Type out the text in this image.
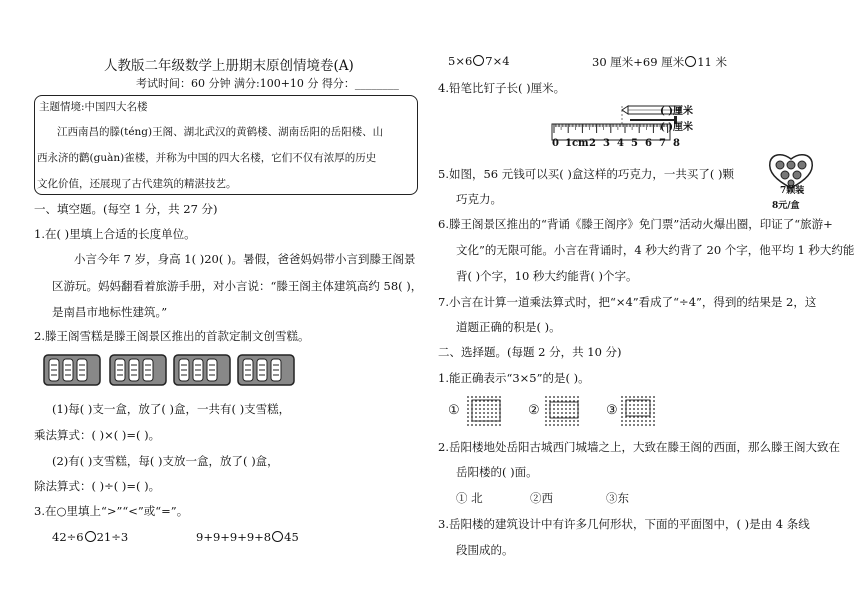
人教版二年级数学上册期末原创情境卷(A)
考试时间：60 分钟 满分:100+10 分 得分：________
主题情境:中国四大名楼
江西南昌的滕(téng)王阁、湖北武汉的黄鹤楼、湖南岳阳的岳阳楼、山
西永济的鹳(guàn)雀楼，并称为中国的四大名楼，它们不仅有浓厚的历史
文化价值，还展现了古代建筑的精湛技艺。
一、填空题。(每空 1 分，共 27 分)
1.在( )里填上合适的长度单位。
小言今年 7 岁，身高 1( )20( )。暑假，爸爸妈妈带小言到滕王阁景
区游玩。妈妈翻看着旅游手册，对小言说：“滕王阁主体建筑高约 58( )，
是南昌市地标性建筑。”
2.滕王阁雪糕是滕王阁景区推出的首款定制文创雪糕。
(1)每( )支一盒，放了( )盒，一共有( )支雪糕，
乘法算式：( )×( )=( )。
(2)有( )支雪糕，每( )支放一盒，放了( )盒，
除法算式：( )÷( )=( )。
3.在○里填上“>”“<”或“=”。
42÷6 21÷3	9+9+9+9+8 45
5×6 7×4	30 厘米+69 厘米 11 米
4.铅笔比钉子长( )厘米。
( )厘米
( )厘米
0 1cm 2 3 4 5 6 7 8
5.如图，56 元钱可以买( )盒这样的巧克力，一共买了( )颗
巧克力。
7颗装
8元/盒
6.滕王阁景区推出的“背诵《滕王阁序》免门票”活动火爆出圈，印证了“旅游+
文化”的无限可能。小言在背诵时，4 秒大约背了 20 个字，他平均 1 秒大约能
背( )个字，10 秒大约能背( )个字。
7.小言在计算一道乘法算式时，把“×4”看成了“÷4”，得到的结果是 2，这
道题正确的积是( )。
二、选择题。(每题 2 分，共 10 分)
1.能正确表示“3×5”的是( )。
①	②	③
2.岳阳楼地处岳阳古城西门城墙之上，大致在滕王阁的西面，那么滕王阁大致在
岳阳楼的( )面。
① 北	②西	③东
3.岳阳楼的建筑设计中有许多几何形状，下面的平面图中，( )是由 4 条线
段围成的。
